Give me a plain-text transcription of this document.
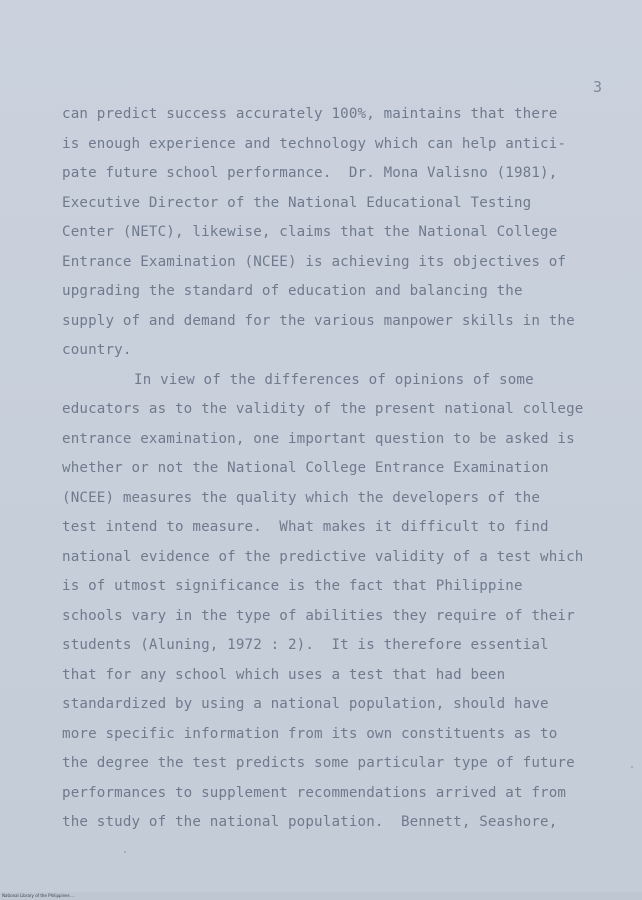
3
can predict success accurately 100%, maintains that there
is enough experience and technology which can help antici-
pate future school performance.  Dr. Mona Valisno (1981),
Executive Director of the National Educational Testing
Center (NETC), likewise, claims that the National College
Entrance Examination (NCEE) is achieving its objectives of
upgrading the standard of education and balancing the
supply of and demand for the various manpower skills in the
country.
In view of the differences of opinions of some
educators as to the validity of the present national college
entrance examination, one important question to be asked is
whether or not the National College Entrance Examination
(NCEE) measures the quality which the developers of the
test intend to measure.  What makes it difficult to find
national evidence of the predictive validity of a test which
is of utmost significance is the fact that Philippine
schools vary in the type of abilities they require of their
students (Aluning, 1972 : 2).  It is therefore essential
that for any school which uses a test that had been
standardized by using a national population, should have
more specific information from its own constituents as to
the degree the test predicts some particular type of future
performances to supplement recommendations arrived at from
the study of the national population.  Bennett, Seashore,
National Library of the Philippines ...
